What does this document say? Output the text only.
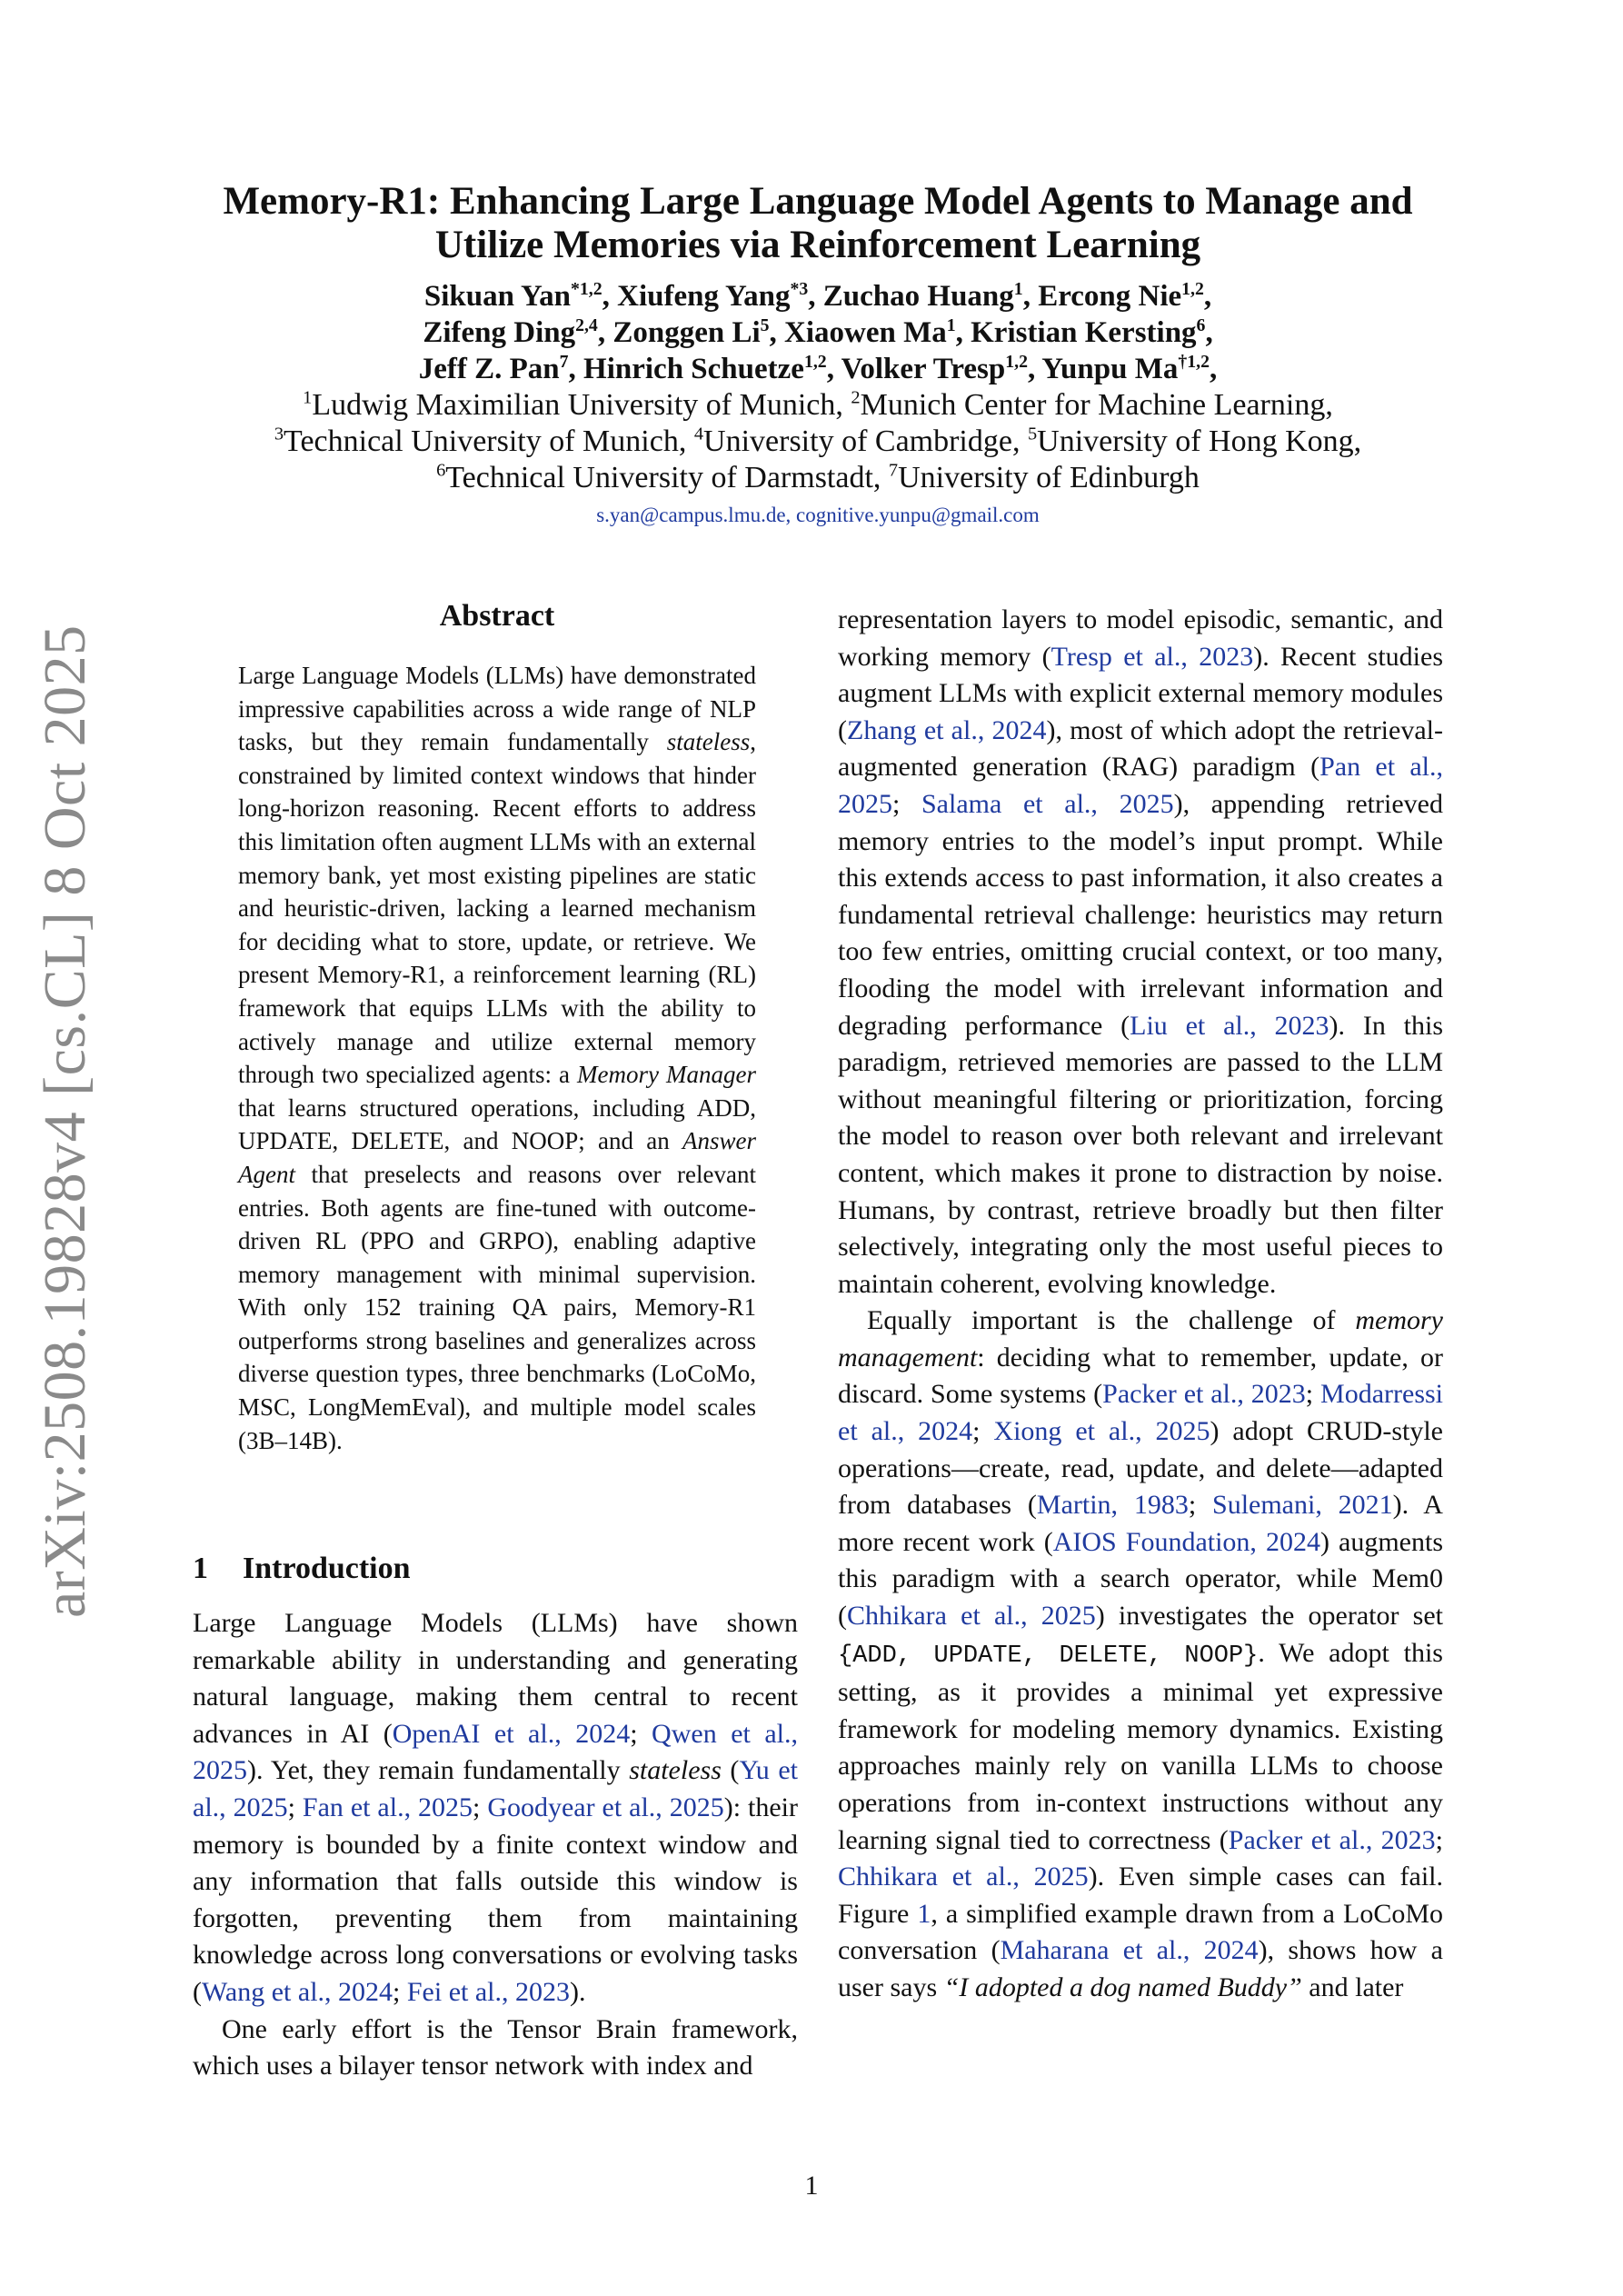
arXiv:2508.19828v4 [cs.CL] 8 Oct 2025
Memory-R1: Enhancing Large Language Model Agents to Manage and Utilize Memories via Reinforcement Learning
Sikuan Yan$^{*1,2}$, Xiufeng Yang$^{*3}$, Zuchao Huang$^1$, Ercong Nie$^{1,2}$,
Zifeng Ding$^{2,4}$, Zonggen Li$^5$, Xiaowen Ma$^1$, Kristian Kersting$^6$,
Jeff Z. Pan$^7$, Hinrich Schuetze$^{1,2}$, Volker Tresp$^{1,2}$, Yunpu Ma$^{\dagger 1,2}$,
$^1$Ludwig Maximilian University of Munich, $^2$Munich Center for Machine Learning,
$^3$Technical University of Munich, $^4$University of Cambridge, $^5$University of Hong Kong,
$^6$Technical University of Darmstadt, $^7$University of Edinburgh
s.yan@campus.lmu.de, cognitive.yunpu@gmail.com
Abstract

Large Language Models (LLMs) have demonstrated impressive capabilities across a wide range of NLP tasks, but they remain fundamentally stateless, constrained by limited context windows that hinder long-horizon reasoning. Recent efforts to address this limitation often augment LLMs with an external memory bank, yet most existing pipelines are static and heuristic-driven, lacking a learned mechanism for deciding what to store, update, or retrieve. We present Memory-R1, a reinforcement learning (RL) framework that equips LLMs with the ability to actively manage and utilize external memory through two specialized agents: a Memory Manager that learns structured operations, including ADD, UPDATE, DELETE, and NOOP; and an Answer Agent that preselects and reasons over relevant entries. Both agents are fine-tuned with outcome-driven RL (PPO and GRPO), enabling adaptive memory management with minimal supervision. With only 152 training QA pairs, Memory-R1 outperforms strong baselines and generalizes across diverse question types, three benchmarks (LoCoMo, MSC, LongMemEval), and multiple model scales (3B–14B).

1 Introduction

Large Language Models (LLMs) have shown remarkable ability in understanding and generating natural language, making them central to recent advances in AI (OpenAI et al., 2024; Qwen et al., 2025). Yet, they remain fundamentally stateless (Yu et al., 2025; Fan et al., 2025; Goodyear et al., 2025): their memory is bounded by a finite context window and any information that falls outside this window is forgotten, preventing them from maintaining knowledge across long conversations or evolving tasks (Wang et al., 2024; Fei et al., 2023).

One early effort is the Tensor Brain framework, which uses a bilayer tensor network with index and

representation layers to model episodic, semantic, and working memory (Tresp et al., 2023). Recent studies augment LLMs with explicit external memory modules (Zhang et al., 2024), most of which adopt the retrieval-augmented generation (RAG) paradigm (Pan et al., 2025; Salama et al., 2025), appending retrieved memory entries to the model’s input prompt. While this extends access to past information, it also creates a fundamental retrieval challenge: heuristics may return too few entries, omitting crucial context, or too many, flooding the model with irrelevant information and degrading performance (Liu et al., 2023). In this paradigm, retrieved memories are passed to the LLM without meaningful filtering or prioritization, forcing the model to reason over both relevant and irrelevant content, which makes it prone to distraction by noise. Humans, by contrast, retrieve broadly but then filter selectively, integrating only the most useful pieces to maintain coherent, evolving knowledge.

Equally important is the challenge of memory management: deciding what to remember, update, or discard. Some systems (Packer et al., 2023; Modarressi et al., 2024; Xiong et al., 2025) adopt CRUD-style operations—create, read, update, and delete—adapted from databases (Martin, 1983; Sulemani, 2021). A more recent work (AIOS Foundation, 2024) augments this paradigm with a search operator, while Mem0 (Chhikara et al., 2025) investigates the operator set {ADD, UPDATE, DELETE, NOOP}. We adopt this setting, as it provides a minimal yet expressive framework for modeling memory dynamics. Existing approaches mainly rely on vanilla LLMs to choose operations from in-context instructions without any learning signal tied to correctness (Packer et al., 2023; Chhikara et al., 2025). Even simple cases can fail. Figure 1, a simplified example drawn from a LoCoMo conversation (Maharana et al., 2024), shows how a user says “I adopted a dog named Buddy” and later

1
